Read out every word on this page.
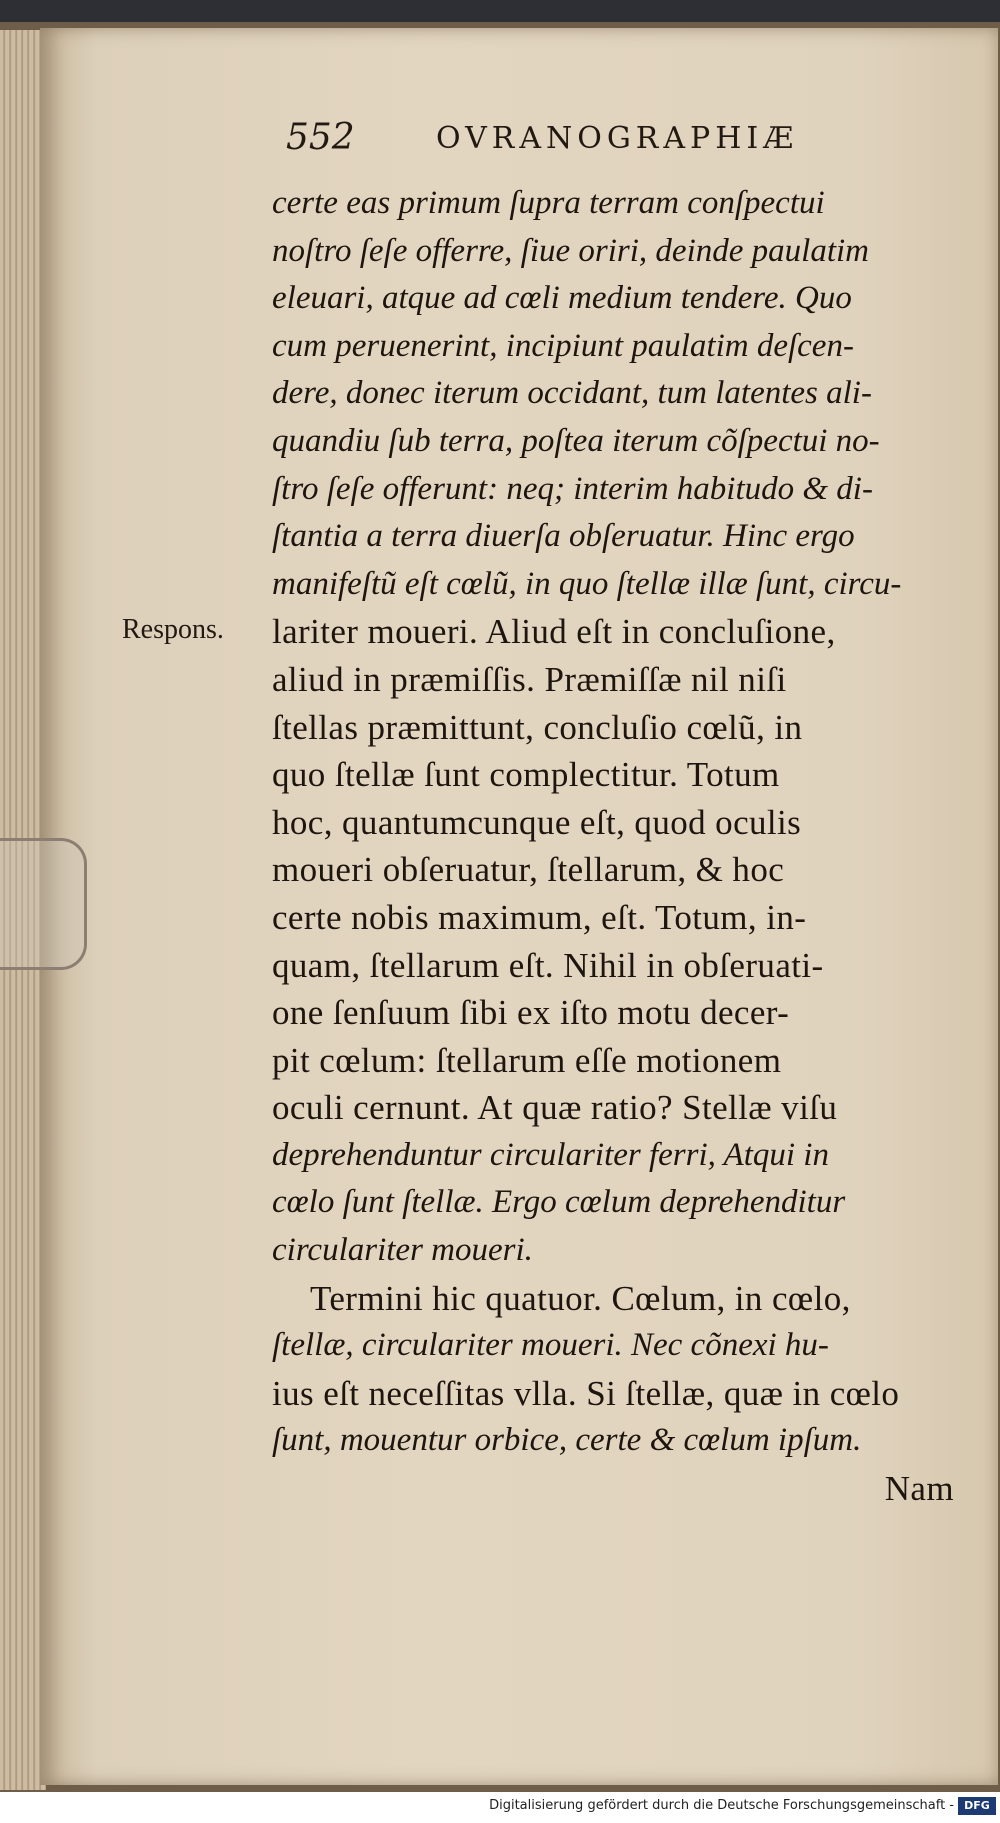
552	OVRANOGRAPHIÆ
Respons.
certe eas primum ſupra terram conſpectui
noſtro ſeſe offerre, ſiue oriri, deinde paulatim
eleuari, atque ad cœli medium tendere. Quo
cum peruenerint, incipiunt paulatim deſcen-
dere, donec iterum occidant, tum latentes ali-
quandiu ſub terra, poſtea iterum cõſpectui no-
ſtro ſeſe offerunt: neq; interim habitudo & di-
ſtantia a terra diuerſa obſeruatur. Hinc ergo
manifeſtũ eſt cœlũ, in quo ſtellæ illæ ſunt, circu-
lariter moueri. Aliud eſt in concluſione,
aliud in præmiſſis. Præmiſſæ nil niſi
ſtellas præmittunt, concluſio cœlũ, in
quo ſtellæ ſunt complectitur. Totum
hoc, quantumcunque eſt, quod oculis
moueri obſeruatur, ſtellarum, & hoc
certe nobis maximum, eſt. Totum, in-
quam, ſtellarum eſt. Nihil in obſeruati-
one ſenſuum ſibi ex iſto motu decer-
pit cœlum: ſtellarum eſſe motionem
oculi cernunt. At quæ ratio? Stellæ viſu
deprehenduntur circulariter ferri, Atqui in
cœlo ſunt ſtellæ. Ergo cœlum deprehenditur
circulariter moueri.
Termini hic quatuor. Cœlum, in cœlo,
ſtellæ, circulariter moueri. Nec cõnexi hu-
ius eſt neceſſitas vlla. Si ſtellæ, quæ in cœlo
ſunt, mouentur orbice, certe & cœlum ipſum.
Nam
Digitalisierung gefördert durch die Deutsche Forschungsgemeinschaft - DFG
